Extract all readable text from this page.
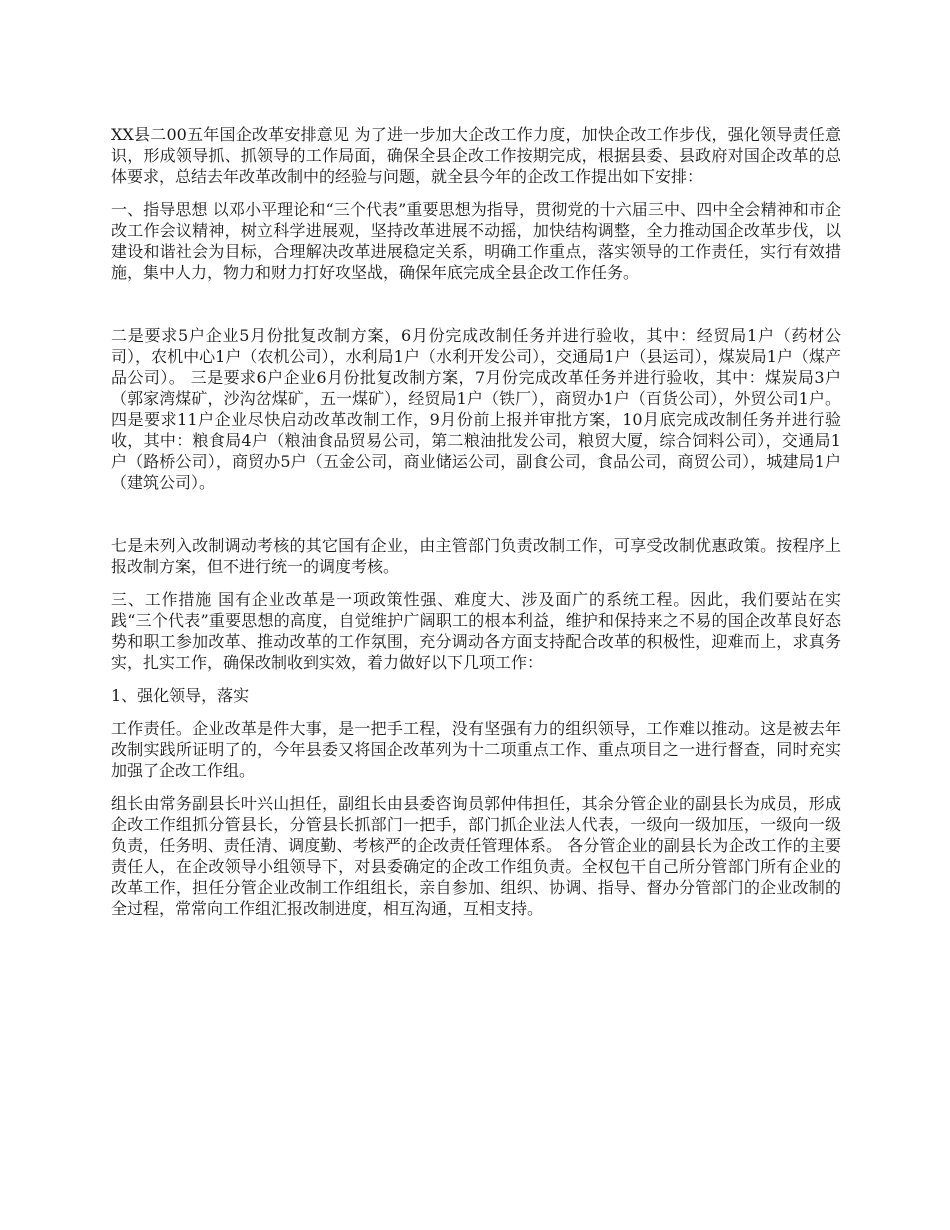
XX县二00五年国企改革安排意见 为了进一步加大企改工作力度，加快企改工作步伐，强化领导责任意识，形成领导抓、抓领导的工作局面，确保全县企改工作按期完成，根据县委、县政府对国企改革的总体要求，总结去年改革改制中的经验与问题，就全县今年的企改工作提出如下安排：

一、指导思想 以邓小平理论和“三个代表”重要思想为指导，贯彻党的十六届三中、四中全会精神和市企改工作会议精神，树立科学进展观，坚持改革进展不动摇，加快结构调整，全力推动国企改革步伐，以建设和谐社会为目标，合理解决改革进展稳定关系，明确工作重点，落实领导的工作责任，实行有效措施，集中人力，物力和财力打好攻坚战，确保年底完成全县企改工作任务。

二是要求5户企业5月份批复改制方案，6月份完成改制任务并进行验收，其中：经贸局1户（药材公司），农机中心1户（农机公司），水利局1户（水利开发公司），交通局1户（县运司），煤炭局1户（煤产品公司）。 三是要求6户企业6月份批复改制方案，7月份完成改革任务并进行验收，其中：煤炭局3户（郭家湾煤矿，沙沟岔煤矿，五一煤矿），经贸局1户（铁厂），商贸办1户（百货公司），外贸公司1户。 四是要求11户企业尽快启动改革改制工作，9月份前上报并审批方案，10月底完成改制任务并进行验收，其中：粮食局4户（粮油食品贸易公司，第二粮油批发公司，粮贸大厦，综合饲料公司），交通局1户（路桥公司），商贸办5户（五金公司，商业储运公司，副食公司，食品公司，商贸公司），城建局1户（建筑公司）。

七是未列入改制调动考核的其它国有企业，由主管部门负责改制工作，可享受改制优惠政策。按程序上报改制方案，但不进行统一的调度考核。

三、工作措施 国有企业改革是一项政策性强、难度大、涉及面广的系统工程。因此，我们要站在实践“三个代表”重要思想的高度，自觉维护广阔职工的根本利益，维护和保持来之不易的国企改革良好态势和职工参加改革、推动改革的工作氛围，充分调动各方面支持配合改革的积极性，迎难而上，求真务实，扎实工作，确保改制收到实效，着力做好以下几项工作：

1、强化领导，落实

工作责任。企业改革是件大事，是一把手工程，没有坚强有力的组织领导，工作难以推动。这是被去年改制实践所证明了的，今年县委又将国企改革列为十二项重点工作、重点项目之一进行督查，同时充实加强了企改工作组。

组长由常务副县长叶兴山担任，副组长由县委咨询员郭仲伟担任，其余分管企业的副县长为成员，形成企改工作组抓分管县长，分管县长抓部门一把手，部门抓企业法人代表，一级向一级加压，一级向一级负责，任务明、责任清、调度勤、考核严的企改责任管理体系。 各分管企业的副县长为企改工作的主要责任人，在企改领导小组领导下，对县委确定的企改工作组负责。全权包干自己所分管部门所有企业的改革工作，担任分管企业改制工作组组长，亲自参加、组织、协调、指导、督办分管部门的企业改制的全过程，常常向工作组汇报改制进度，相互沟通，互相支持。
